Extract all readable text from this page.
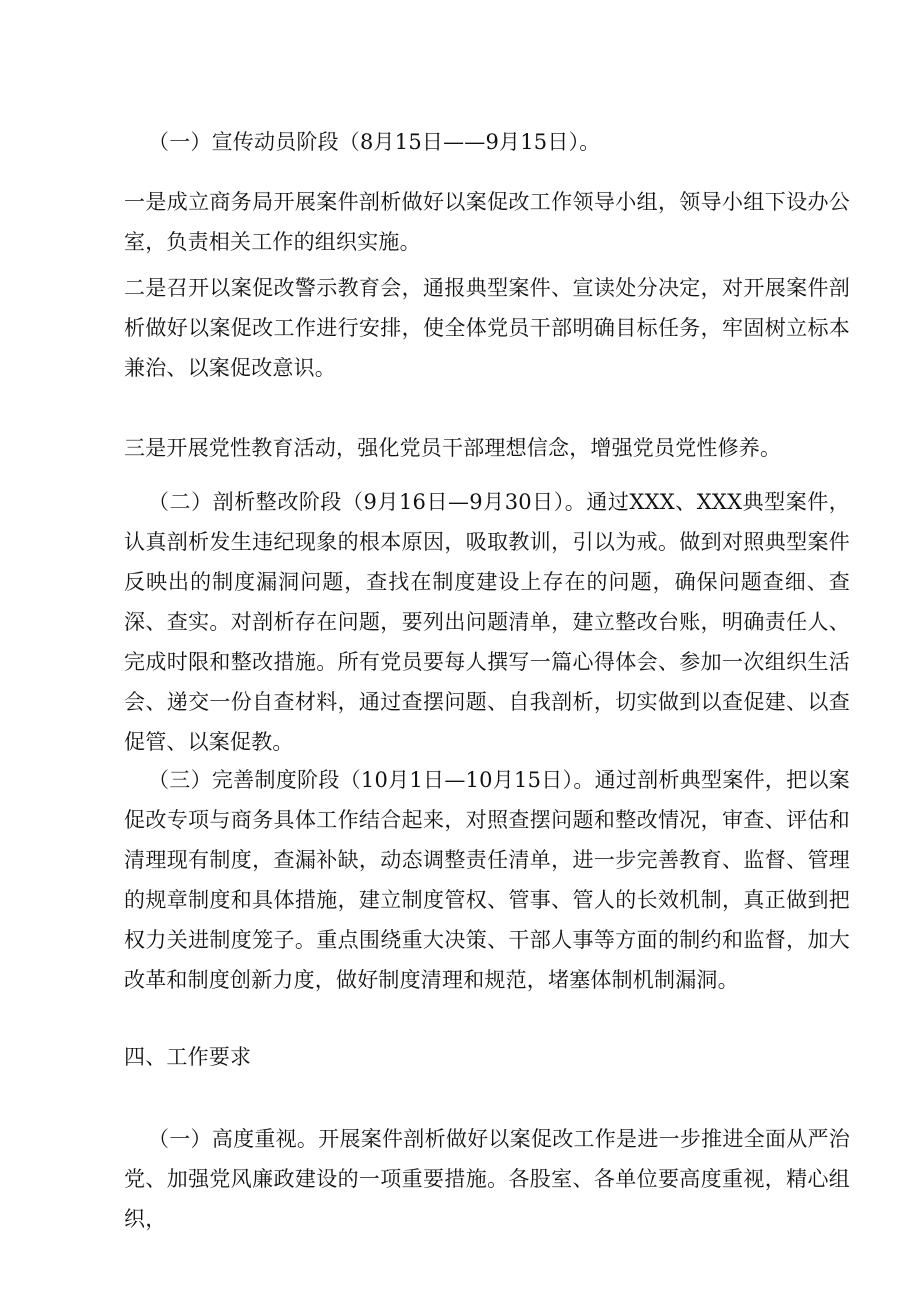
（一）宣传动员阶段（8月15日——9月15日）。

一是成立商务局开展案件剖析做好以案促改工作领导小组，领导小组下设办公室，负责相关工作的组织实施。

二是召开以案促改警示教育会，通报典型案件、宣读处分决定，对开展案件剖析做好以案促改工作进行安排，使全体党员干部明确目标任务，牢固树立标本兼治、以案促改意识。

三是开展党性教育活动，强化党员干部理想信念，增强党员党性修养。

（二）剖析整改阶段（9月16日—9月30日）。通过XXX、XXX典型案件，认真剖析发生违纪现象的根本原因，吸取教训，引以为戒。做到对照典型案件反映出的制度漏洞问题，查找在制度建设上存在的问题，确保问题查细、查深、查实。对剖析存在问题，要列出问题清单，建立整改台账，明确责任人、完成时限和整改措施。所有党员要每人撰写一篇心得体会、参加一次组织生活会、递交一份自查材料，通过查摆问题、自我剖析，切实做到以查促建、以查促管、以案促教。

（三）完善制度阶段（10月1日—10月15日）。通过剖析典型案件，把以案促改专项与商务具体工作结合起来，对照查摆问题和整改情况，审查、评估和清理现有制度，查漏补缺，动态调整责任清单，进一步完善教育、监督、管理的规章制度和具体措施，建立制度管权、管事、管人的长效机制，真正做到把权力关进制度笼子。重点围绕重大决策、干部人事等方面的制约和监督，加大改革和制度创新力度，做好制度清理和规范，堵塞体制机制漏洞。

四、工作要求

（一）高度重视。开展案件剖析做好以案促改工作是进一步推进全面从严治党、加强党风廉政建设的一项重要措施。各股室、各单位要高度重视，精心组织，
